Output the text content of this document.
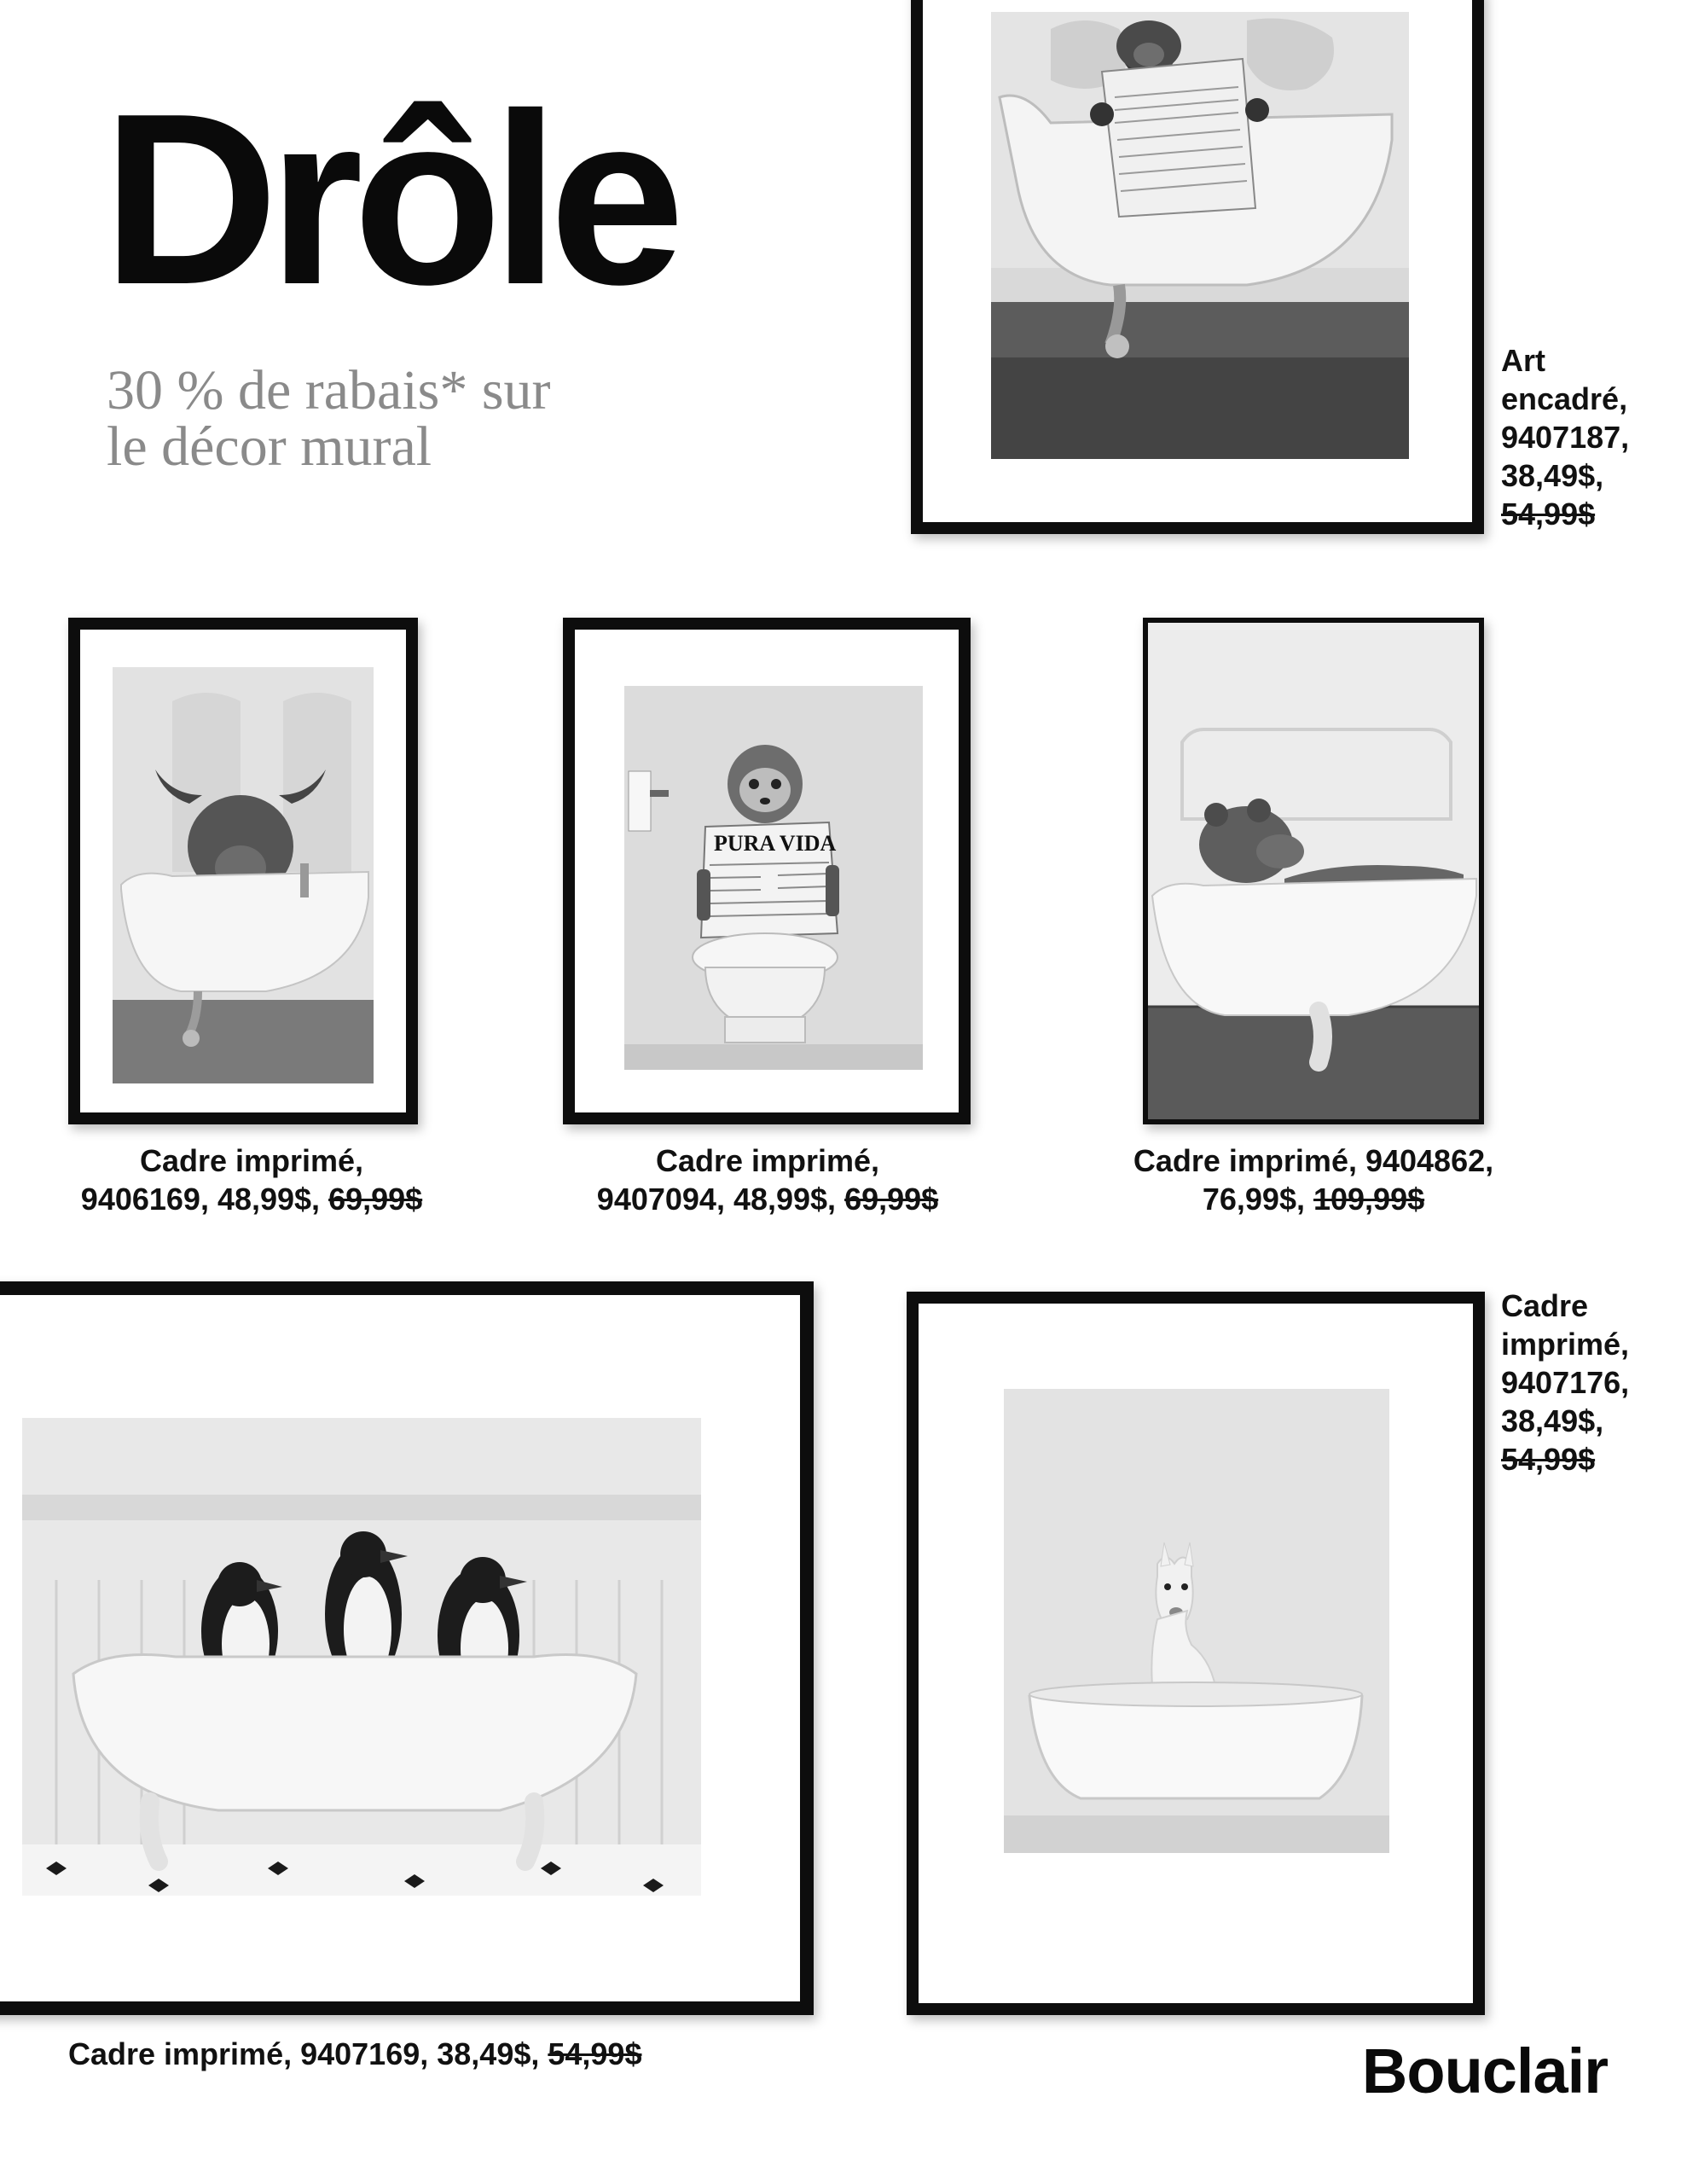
Drôle

30 % de rabais* sur
le décor mural

Art
encadré,
9407187,
38,49$,
54,99$

Cadre imprimé,
9406169, 48,99$, 69,99$

PURA VIDA

Cadre imprimé,
9407094, 48,99$, 69,99$

Cadre imprimé, 9404862,
76,99$, 109,99$

Cadre imprimé, 9407169, 38,49$, 54,99$

Cadre
imprimé,
9407176,
38,49$,
54,99$

Bouclair
